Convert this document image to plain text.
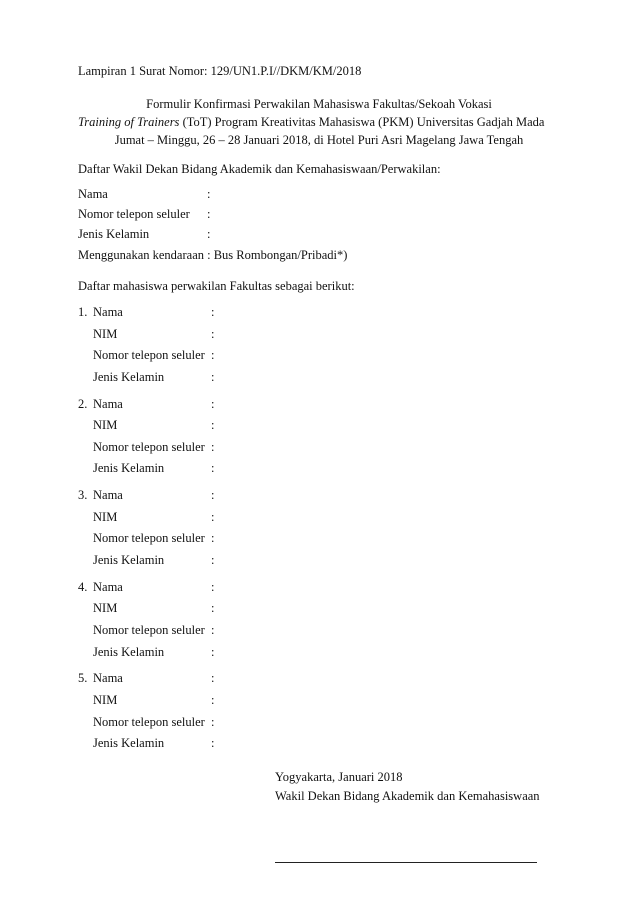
Lampiran 1 Surat Nomor: 129/UN1.P.I//DKM/KM/2018
Formulir Konfirmasi Perwakilan Mahasiswa Fakultas/Sekoah Vokasi
Training of Trainers (ToT) Program Kreativitas Mahasiswa (PKM) Universitas Gadjah Mada
Jumat – Minggu, 26 – 28 Januari 2018, di Hotel Puri Asri Magelang Jawa Tengah
Daftar Wakil Dekan Bidang Akademik dan Kemahasiswaan/Perwakilan:
Nama	:
Nomor telepon seluler :
Jenis Kelamin	:
Menggunakan kendaraan : Bus Rombongan/Pribadi*)
Daftar mahasiswa perwakilan Fakultas sebagai berikut:
1. Nama	:
NIM	:
Nomor telepon seluler :
Jenis Kelamin	:
2. Nama	:
NIM	:
Nomor telepon seluler :
Jenis Kelamin	:
3. Nama	:
NIM	:
Nomor telepon seluler :
Jenis Kelamin	:
4. Nama	:
NIM	:
Nomor telepon seluler :
Jenis Kelamin	:
5. Nama	:
NIM	:
Nomor telepon seluler :
Jenis Kelamin	:
Yogyakarta, Januari 2018
Wakil Dekan Bidang Akademik dan Kemahasiswaan
